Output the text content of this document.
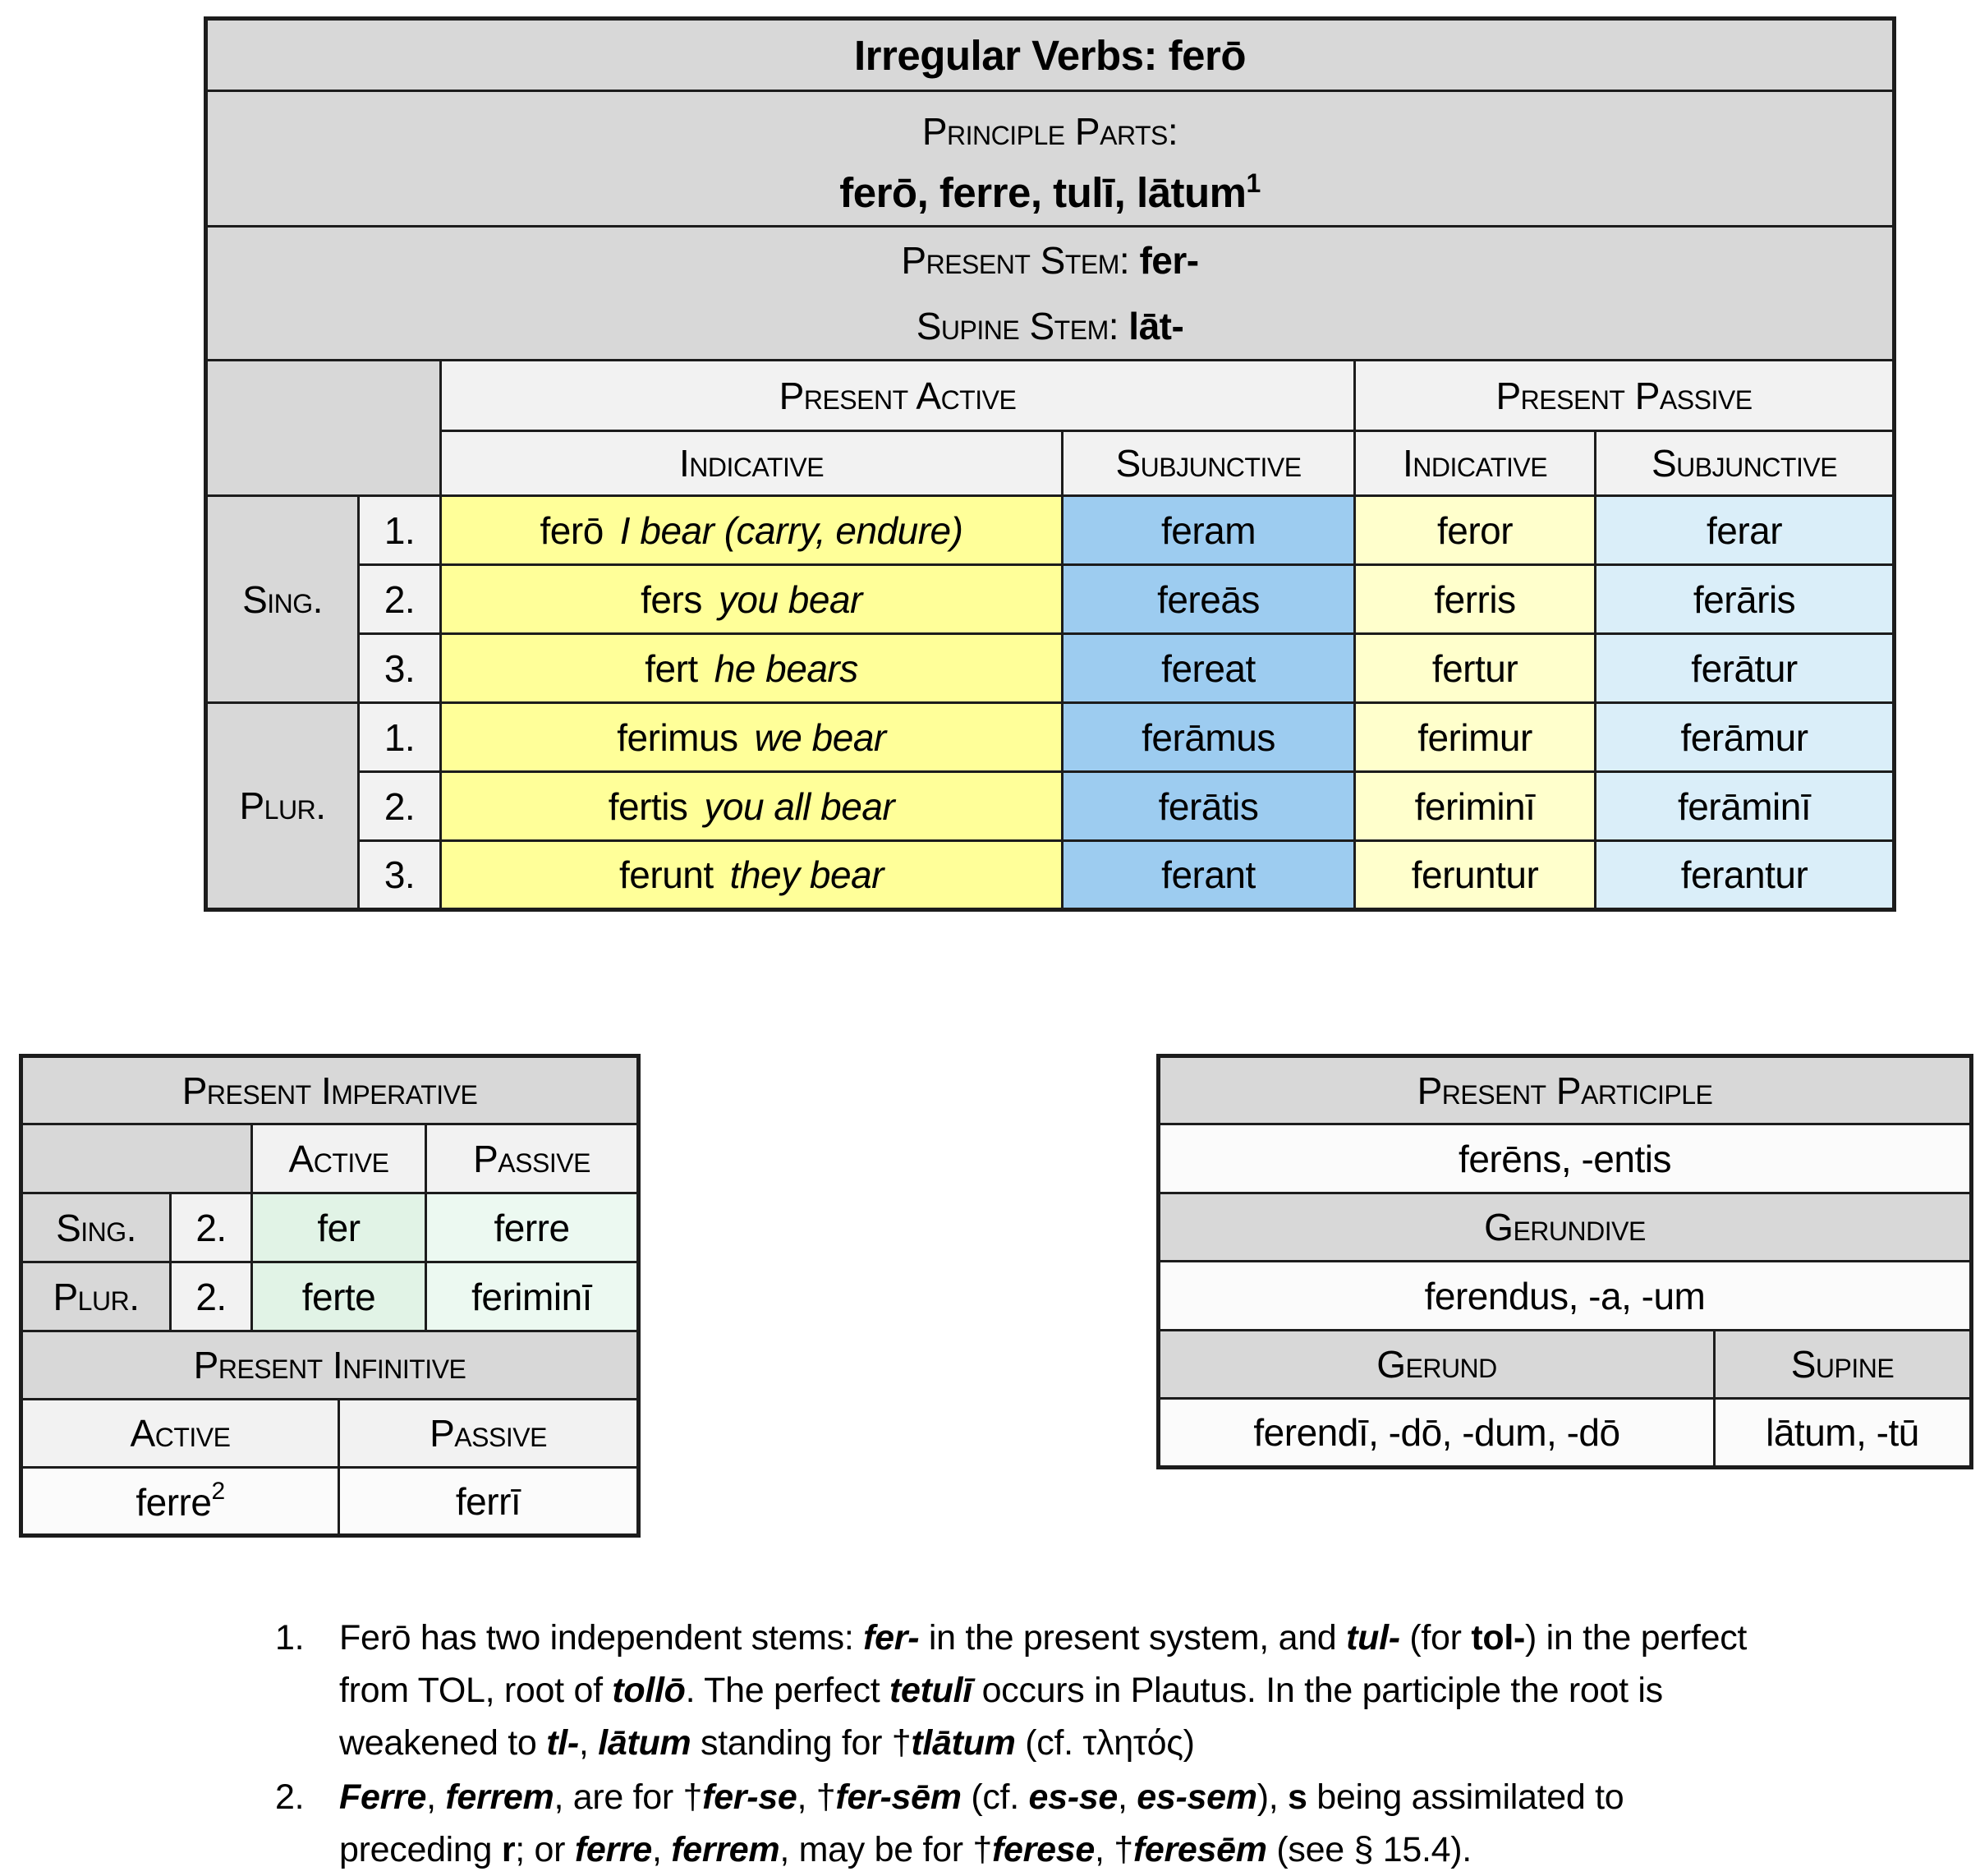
Irregular Verbs: ferō					

Principle Parts:
ferō, ferre, tulī, lātum$^1$

Present Stem: fer-
Supine Stem: lāt-					

		Present Active		Present Passive	
		Indicative	Subjunctive	Indicative	Subjunctive
Sing.	1.	ferō I bear (carry, endure)	feram	feror	ferar
	2.	fers you bear	fereās	ferris	ferāris
	3.	fert he bears	fereat	fertur	ferātur
Plur.	1.	ferimus we bear	ferāmus	ferimur	ferāmur
	2.	fertis you all bear	ferātis	feriminī	ferāminī
	3.	ferunt they bear	ferant	feruntur	ferantur
Present Imperative				
		Active		Passive
Sing.	2.	fer		ferre
Plur.	2.	ferte		feriminī
Present Infinitive				
Active			Passive	
ferre$^2$			ferrī	
Present Participle	
ferēns, -entis	
Gerundive	
ferendus, -a, -um	
Gerund	Supine
ferendī, -dō, -dum, -dō	lātum, -tū
1. Ferō has two independent stems: fer- in the present system, and tul- (for tol-) in the perfect from TOL, root of tollō. The perfect tetulī occurs in Plautus. In the participle the root is weakened to tl-, lātum standing for †tlātum (cf. τλητός)
2. Ferre, ferrem, are for †fer-se, †fer-sēm (cf. es-se, es-sem), s being assimilated to preceding r; or ferre, ferrem, may be for †ferese, †feresēm (see § 15.4).
